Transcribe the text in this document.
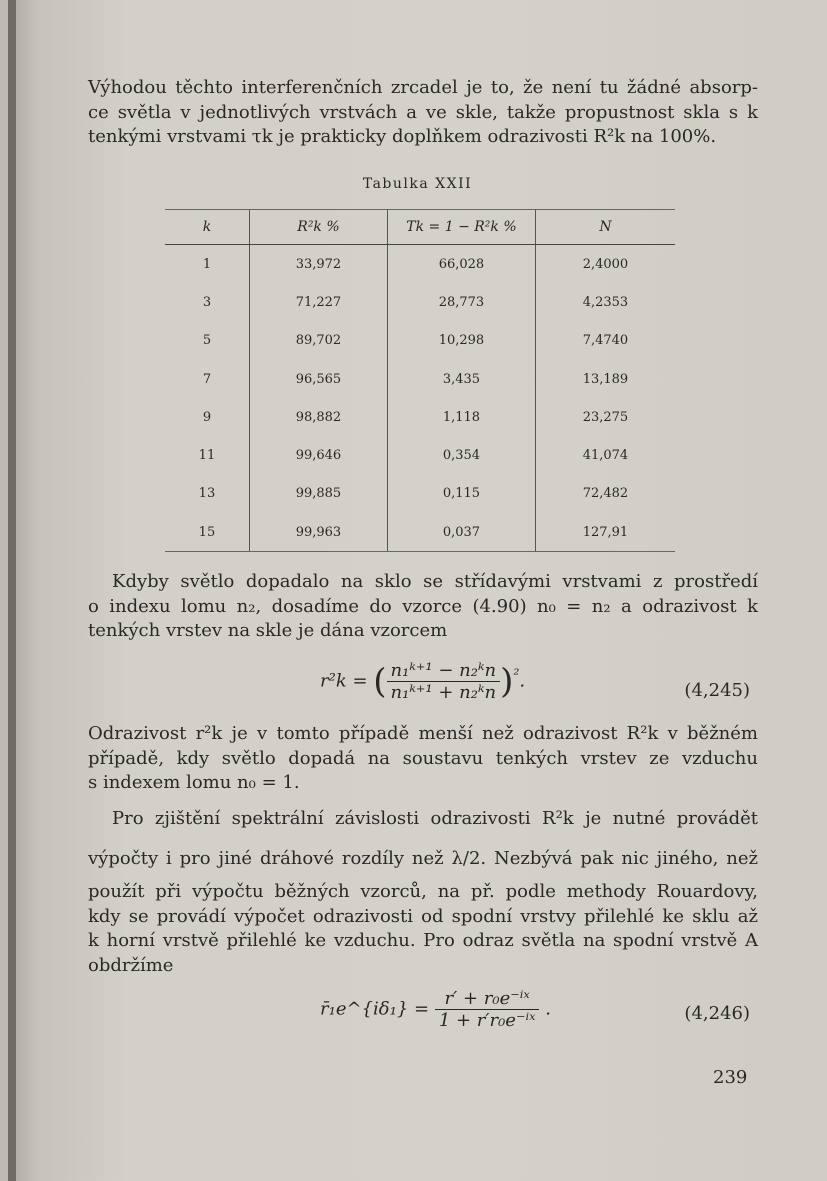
Výhodou těchto interferenčních zrcadel je to, že není tu žádné absorp-
ce světla v jednotlivých vrstvách a ve skle, takže propustnost skla s k
tenkými vrstvami τk je prakticky doplňkem odrazivosti R²k na 100%.
Tabulka XXII
k	R²k %	Tk = 1 − R²k %	N
1	33,972	66,028	2,4000
3	71,227	28,773	4,2353
5	89,702	10,298	7,4740
7	96,565	3,435	13,189
9	98,882	1,118	23,275
11	99,646	0,354	41,074
13	99,885	0,115	72,482
15	99,963	0,037	127,91
Kdyby světlo dopadalo na sklo se střídavými vrstvami z prostředí
o indexu lomu n₂, dosadíme do vzorce (4.90) n₀ = n₂ a odrazivost k
tenkých vrstev na skle je dána vzorcem
r²k = ( $\frac{\text{n₁ᵏ⁺¹ − n₂ᵏn}}{\text{n₁ᵏ⁺¹ + n₂ᵏn}} )^{^2}$.	(4,245)
Odrazivost r²k je v tomto případě menší než odrazivost R²k v běžném
případě, kdy světlo dopadá na soustavu tenkých vrstev ze vzduchu
s indexem lomu n₀ = 1.
Pro zjištění spektrální závislosti odrazivosti R²k je nutné provádět
výpočty i pro jiné dráhové rozdíly než λ/2. Nezbývá pak nic jiného, než
použít při výpočtu běžných vzorců, na př. podle methody Rouardovy,
kdy se provádí výpočet odrazivosti od spodní vrstvy přilehlé ke sklu až
k horní vrstvě přilehlé ke vzduchu. Pro odraz světla na spodní vrstvě A
obdržíme
r̄₁e^{iδ₁} = $\frac{\text{r′ + r₀e⁻ⁱˣ}}{\text{1 + r′r₀e⁻ⁱˣ}}$ .	(4,246)
239
